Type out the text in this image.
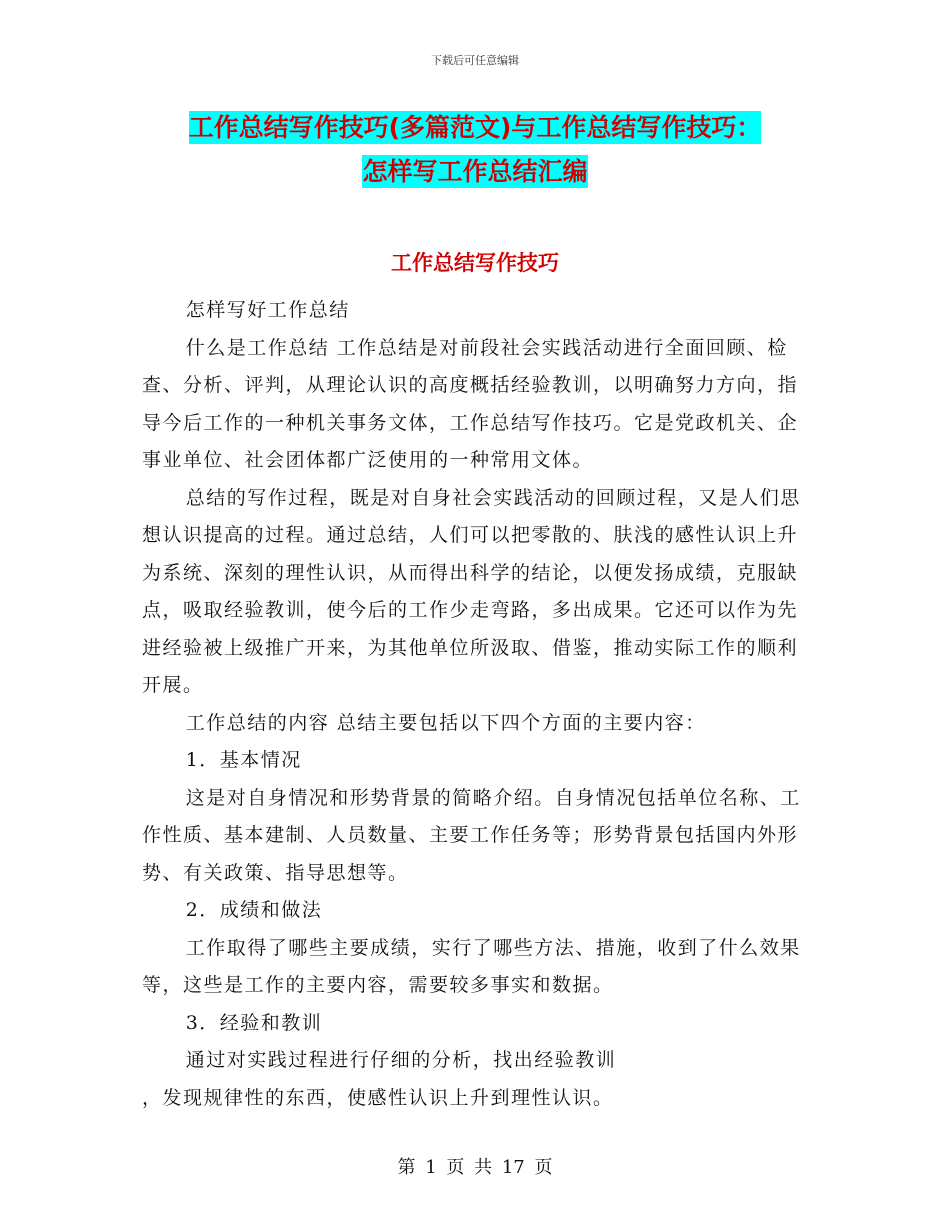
下载后可任意编辑
工作总结写作技巧(多篇范文)与工作总结写作技巧：
怎样写工作总结汇编
工作总结写作技巧

怎样写好工作总结

什么是工作总结 工作总结是对前段社会实践活动进行全面回顾、检查、分析、评判，从理论认识的高度概括经验教训，以明确努力方向，指导今后工作的一种机关事务文体，工作总结写作技巧。它是党政机关、企事业单位、社会团体都广泛使用的一种常用文体。

总结的写作过程，既是对自身社会实践活动的回顾过程，又是人们思想认识提高的过程。通过总结，人们可以把零散的、肤浅的感性认识上升为系统、深刻的理性认识，从而得出科学的结论，以便发扬成绩，克服缺点，吸取经验教训，使今后的工作少走弯路，多出成果。它还可以作为先进经验被上级推广开来，为其他单位所汲取、借鉴，推动实际工作的顺利开展。

工作总结的内容 总结主要包括以下四个方面的主要内容：

1．基本情况

这是对自身情况和形势背景的简略介绍。自身情况包括单位名称、工作性质、基本建制、人员数量、主要工作任务等；形势背景包括国内外形势、有关政策、指导思想等。

2．成绩和做法

工作取得了哪些主要成绩，实行了哪些方法、措施，收到了什么效果等，这些是工作的主要内容，需要较多事实和数据。

3．经验和教训

通过对实践过程进行仔细的分析，找出经验教训

，发现规律性的东西，使感性认识上升到理性认识。

第 1 页 共 17 页
